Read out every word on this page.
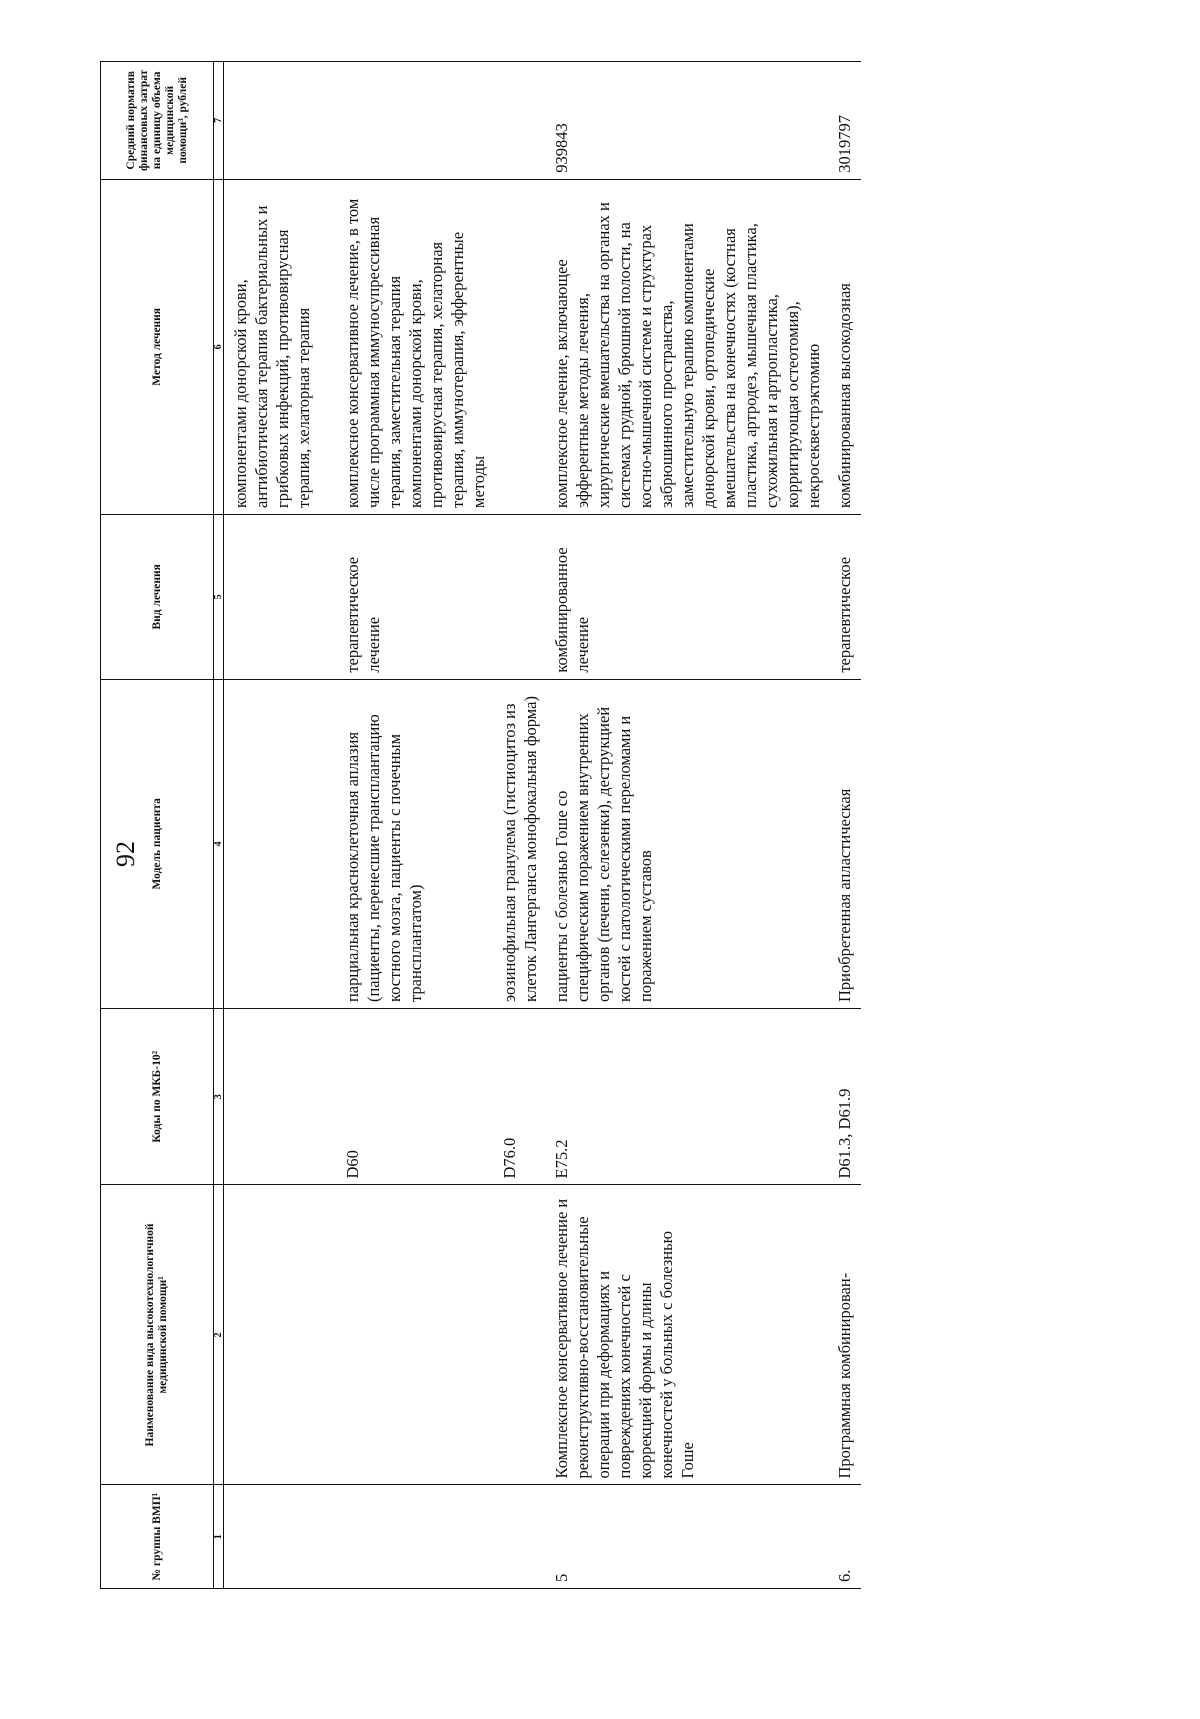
92
№ группы ВМП¹	Наименование вида высокотехнологичной медицинской помощи¹	Коды по МКБ-10²	Модель пациента	Вид лечения	Метод лечения	Средний норматив финансовых затрат на единицу объема медицинской помощи³, рублей
1	2	3	4	5	6	7
					компонентами донорской крови, антибиотическая терапия бактериальных и грибковых инфекций, противовирусная терапия, хелаторная терапия	

		D60	парциальная красноклеточная аплазия (пациенты, перенесшие трансплантацию костного мозга, пациенты с почечным трансплантатом)	терапевтическое лечение	комплексное консервативное лечение, в том числе программная иммуносупрессивная терапия, заместительная терапия компонентами донорской крови, противовирусная терапия, хелаторная терапия, иммунотерапия, эфферентные методы	
		D76.0	эозинофильная гранулема (гистиоцитоз из клеток Лангерганса монофокальная форма)			
5	Комплексное консервативное лечение и реконструктивно-восстановительные операции при деформациях и повреждениях конечностей с коррекцией формы и длины конечностей у больных с болезнью Гоше	E75.2	пациенты с болезнью Гоше со специфическим поражением внутренних органов (печени, селезенки), деструкцией костей с патологическими переломами и поражением суставов	комбинированное лечение	комплексное лечение, включающее эфферентные методы лечения, хирургические вмешательства на органах и системах грудной, брюшной полости, на костно-мышечной системе и структурах забрюшинного пространства, заместительную терапию компонентами донорской крови, ортопедические вмешательства на конечностях (костная пластика, артродез, мышечная пластика, сухожильная и артропластика, корригирующая остеотомия), некросеквестрэктомию	939843
6.	Программная комбинирован-	D61.3, D61.9	Приобретенная апластическая	терапевтическое	комбинированная высокодозная	3019797
